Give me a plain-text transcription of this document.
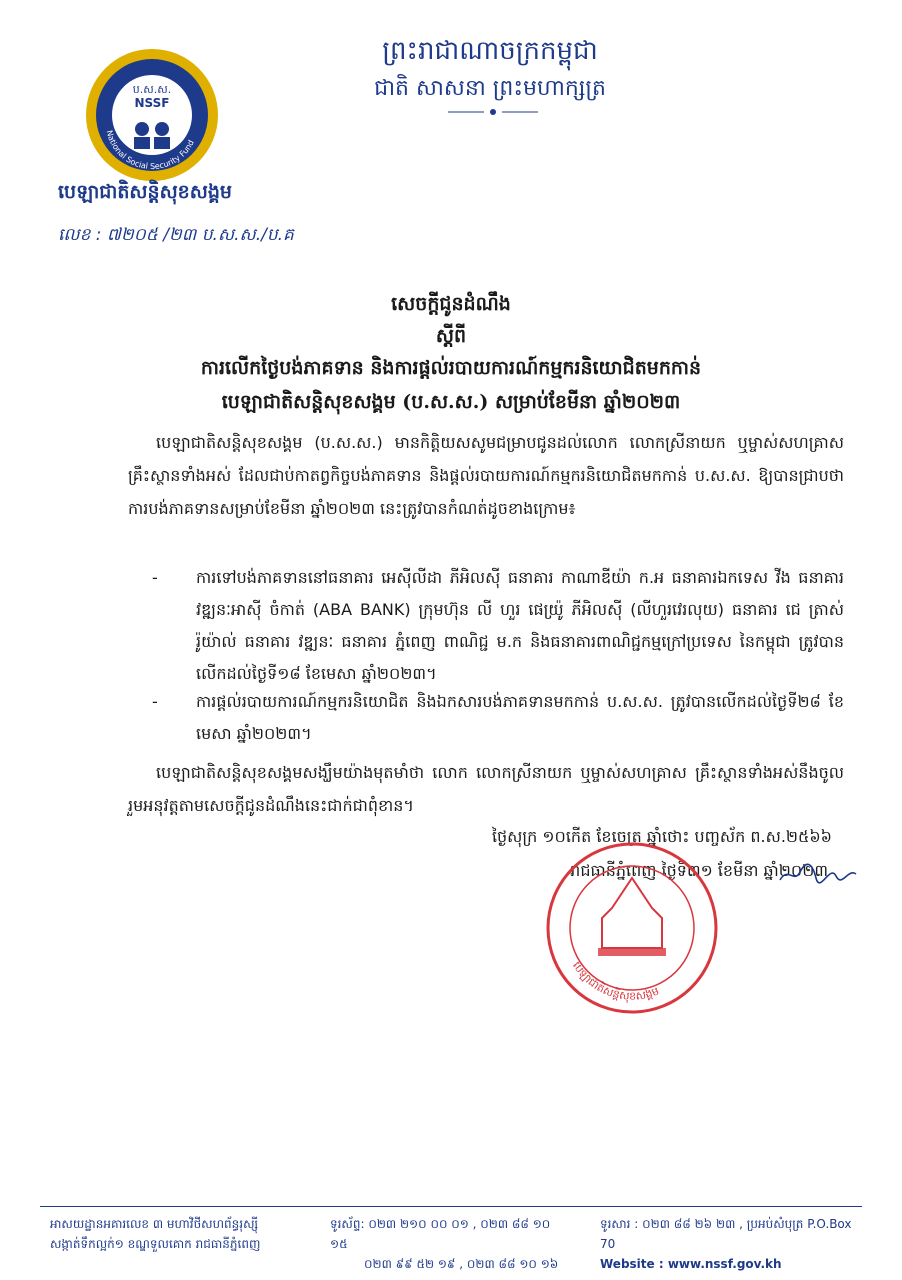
ព្រះរាជាណាចក្រកម្ពុជា
ជាតិ សាសនា ព្រះមហាក្សត្រ
ប.ស.ស.
NSSF
National Social Security Fund
បេឡាជាតិសន្តិសុខសង្គម
លេខ : ៧២០៥ /២៣ ប.ស.ស./ប.គ
សេចក្ដីជូនដំណឹង
ស្ដីពី
ការលើកថ្ងៃបង់ភាគទាន និងការផ្ដល់របាយការណ៍កម្មករនិយោជិតមកកាន់
បេឡាជាតិសន្តិសុខសង្គម (ប.ស.ស.) សម្រាប់ខែមីនា ឆ្នាំ២០២៣
បេឡាជាតិសន្តិសុខសង្គម (ប.ស.ស.) មានកិត្តិយសសូមជម្រាបជូនដល់លោក លោកស្រីនាយក ឬម្ចាស់សហគ្រាស គ្រឹះស្ថានទាំងអស់ ដែលជាប់កាតព្វកិច្ចបង់ភាគទាន និងផ្ដល់របាយការណ៍កម្មករនិយោជិតមកកាន់ ប.ស.ស. ឱ្យបានជ្រាបថា ការបង់ភាគទានសម្រាប់ខែមីនា ឆ្នាំ២០២៣ នេះត្រូវបានកំណត់ដូចខាងក្រោម៖
- ការទៅបង់ភាគទាននៅធនាគារ អេស៊ីលីដា ភីអិលស៊ី ធនាគារ កាណាឌីយ៉ា ក.អ ធនាគារឯកទេស វីង ធនាគារ វឌ្ឍនៈអាស៊ី ចំកាត់ (ABA BANK) ក្រុមហ៊ុន លី ហួរ ផេយ្រ៉ូ ភីអិលស៊ី (លីហួរវេរលុយ) ធនាគារ ជេ ត្រាស់ រ៉ូយ៉ាល់ ធនាគារ វឌ្ឍនៈ ធនាគារ ភ្នំពេញ ពាណិជ្ជ ម.ក និងធនាគារពាណិជ្ជកម្មក្រៅប្រទេស នៃកម្ពុជា ត្រូវបានលើកដល់ថ្ងៃទី១៨ ខែមេសា ឆ្នាំ២០២៣។
- ការផ្ដល់របាយការណ៍កម្មករនិយោជិត និងឯកសារបង់ភាគទានមកកាន់ ប.ស.ស. ត្រូវបានលើកដល់ថ្ងៃទី២៨ ខែមេសា ឆ្នាំ២០២៣។
បេឡាជាតិសន្តិសុខសង្គមសង្ឃឹមយ៉ាងមុតមាំថា លោក លោកស្រីនាយក ឬម្ចាស់សហគ្រាស គ្រឹះស្ថានទាំងអស់នឹងចូលរួមអនុវត្តតាមសេចក្ដីជូនដំណឹងនេះជាក់ជាពុំខាន។
ថ្ងៃសុក្រ ១០កើត ខែចេត្រ ឆ្នាំថោះ បញ្ចស័ក ព.ស.២៥៦៦
រាជធានីភ្នំពេញ ថ្ងៃទី៣១ ខែមីនា ឆ្នាំ២០២៣
បេឡាជាតិសន្តិសុខសង្គម
អាសយដ្ឋានអគារលេខ ៣ មហាវិថីសហព័ន្ធរុស្ស៊ី
សង្កាត់ទឹកល្អក់១ ខណ្ឌទួលគោក រាជធានីភ្នំពេញ
ទូរស័ព្ទ: ០២៣ ២១០ ០០ ០១ , ០២៣ ៨៨ ១០ ១៥
០២៣ ៩៩ ៥២ ១៩ , ០២៣ ៨៨ ១០ ១៦
ទូរសារ : ០២៣ ៨៨ ២៦ ២៣ , ប្រអប់សំបុត្រ P.O.Box 70
Website : www.nssf.gov.kh
